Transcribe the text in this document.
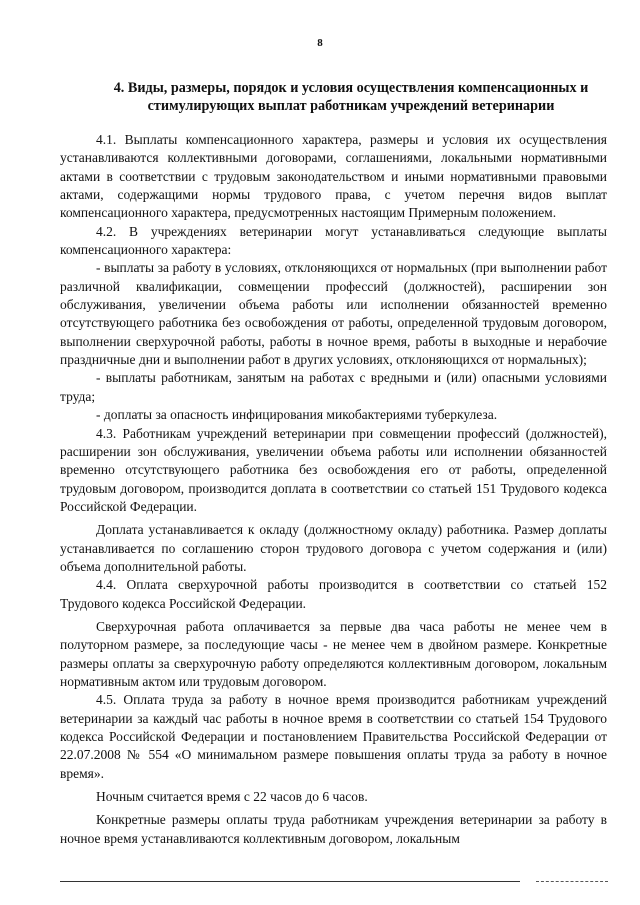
8
4. Виды, размеры, порядок и условия осуществления компенсационных и
стимулирующих выплат работникам учреждений ветеринарии

4.1. Выплаты компенсационного характера, размеры и условия их осуществления устанавливаются коллективными договорами, соглашениями, локальными нормативными актами в соответствии с трудовым законодательством и иными нормативными правовыми актами, содержащими нормы трудового права, с учетом перечня видов выплат компенсационного характера, предусмотренных настоящим Примерным положением.

4.2. В учреждениях ветеринарии могут устанавливаться следующие выплаты компенсационного характера:

- выплаты за работу в условиях, отклоняющихся от нормальных (при выполнении работ различной квалификации, совмещении профессий (должностей), расширении зон обслуживания, увеличении объема работы или исполнении обязанностей временно отсутствующего работника без освобождения от работы, определенной трудовым договором, выполнении сверхурочной работы, работы в ночное время, работы в выходные и нерабочие праздничные дни и выполнении работ в других условиях, отклоняющихся от нормальных);

- выплаты работникам, занятым на работах с вредными и (или) опасными условиями труда;

- доплаты за опасность инфицирования микобактериями туберкулеза.

4.3. Работникам учреждений ветеринарии при совмещении профессий (должностей), расширении зон обслуживания, увеличении объема работы или исполнении обязанностей временно отсутствующего работника без освобождения его от работы, определенной трудовым договором, производится доплата в соответствии со статьей 151 Трудового кодекса Российской Федерации.

Доплата устанавливается к окладу (должностному окладу) работника. Размер доплаты устанавливается по соглашению сторон трудового договора с учетом содержания и (или) объема дополнительной работы.

4.4. Оплата сверхурочной работы производится в соответствии со статьей 152 Трудового кодекса Российской Федерации.

Сверхурочная работа оплачивается за первые два часа работы не менее чем в полуторном размере, за последующие часы - не менее чем в двойном размере. Конкретные размеры оплаты за сверхурочную работу определяются коллективным договором, локальным нормативным актом или трудовым договором.

4.5. Оплата труда за работу в ночное время производится работникам учреждений ветеринарии за каждый час работы в ночное время в соответствии со статьей 154 Трудового кодекса Российской Федерации и постановлением Правительства Российской Федерации от 22.07.2008 № 554 «О минимальном размере повышения оплаты труда за работу в ночное время».

Ночным считается время с 22 часов до 6 часов.

Конкретные размеры оплаты труда работникам учреждения ветеринарии за работу в ночное время устанавливаются коллективным договором, локальным
